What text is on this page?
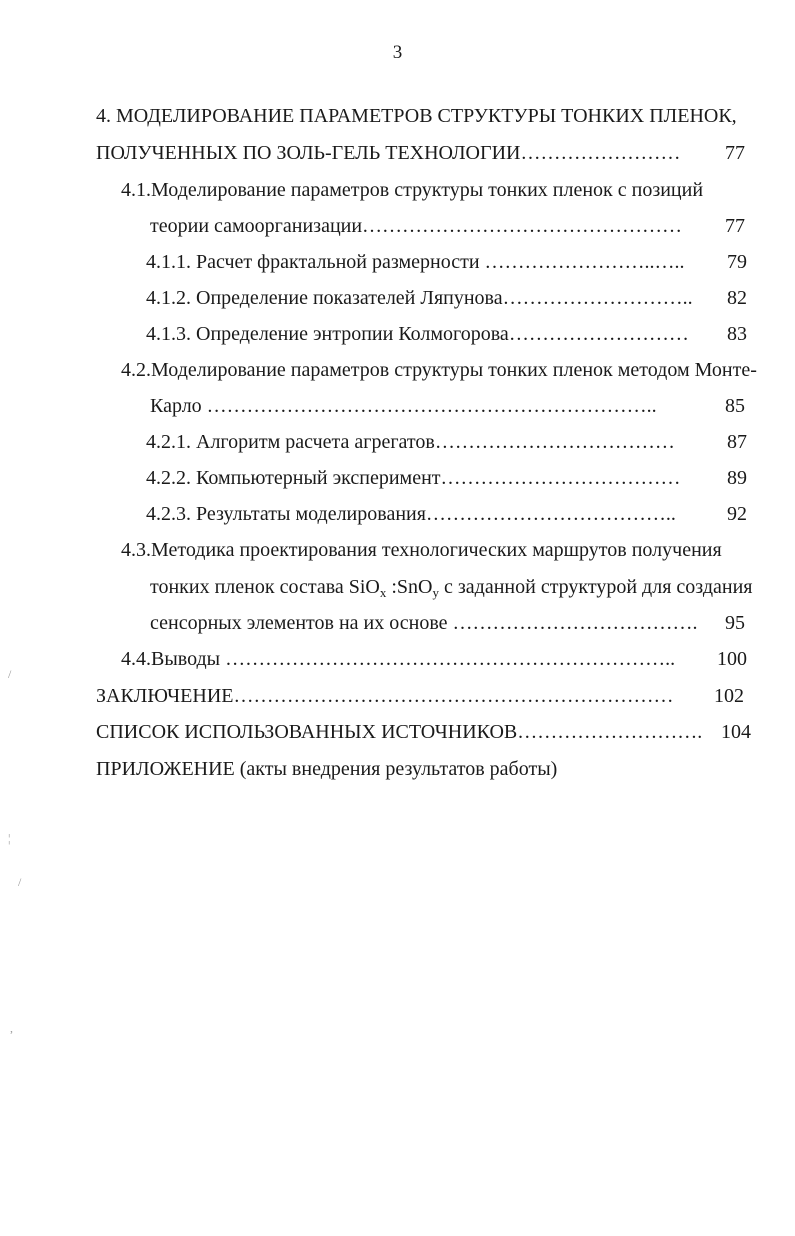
3
4. МОДЕЛИРОВАНИЕ ПАРАМЕТРОВ СТРУКТУРЫ ТОНКИХ ПЛЕНОК,
ПОЛУЧЕННЫХ ПО ЗОЛЬ-ГЕЛЬ ТЕХНОЛОГИИ…………………… 77
4.1.Моделирование параметров структуры тонких пленок с позиций
теории самоорганизации………………………………………… 77
4.1.1. Расчет фрактальной размерности ……………………..….. 79
4.1.2. Определение показателей Ляпунова……………………….. 82
4.1.3. Определение энтропии Колмогорова……………………… 83
4.2.Моделирование параметров структуры тонких пленок методом Монте-
Карло …………………………………………………………..	85
4.2.1. Алгоритм расчета агрегатов………………………………	87
4.2.2. Компьютерный эксперимент……………………………… 89
4.2.3. Результаты моделирования………………………………..	92
4.3.Методика проектирования технологических маршрутов получения
тонких пленок состава SiO$_x$ :SnO$_y$ с заданной структурой для создания
сенсорных элементов на их основе ………………………………. 95
4.4.Выводы ………………………………………………………….. 100
ЗАКЛЮЧЕНИЕ………………………………………………………… 102
СПИСОК ИСПОЛЬЗОВАННЫХ ИСТОЧНИКОВ………………………. 104
ПРИЛОЖЕНИЕ (акты внедрения результатов работы)
/
¦
/
,
